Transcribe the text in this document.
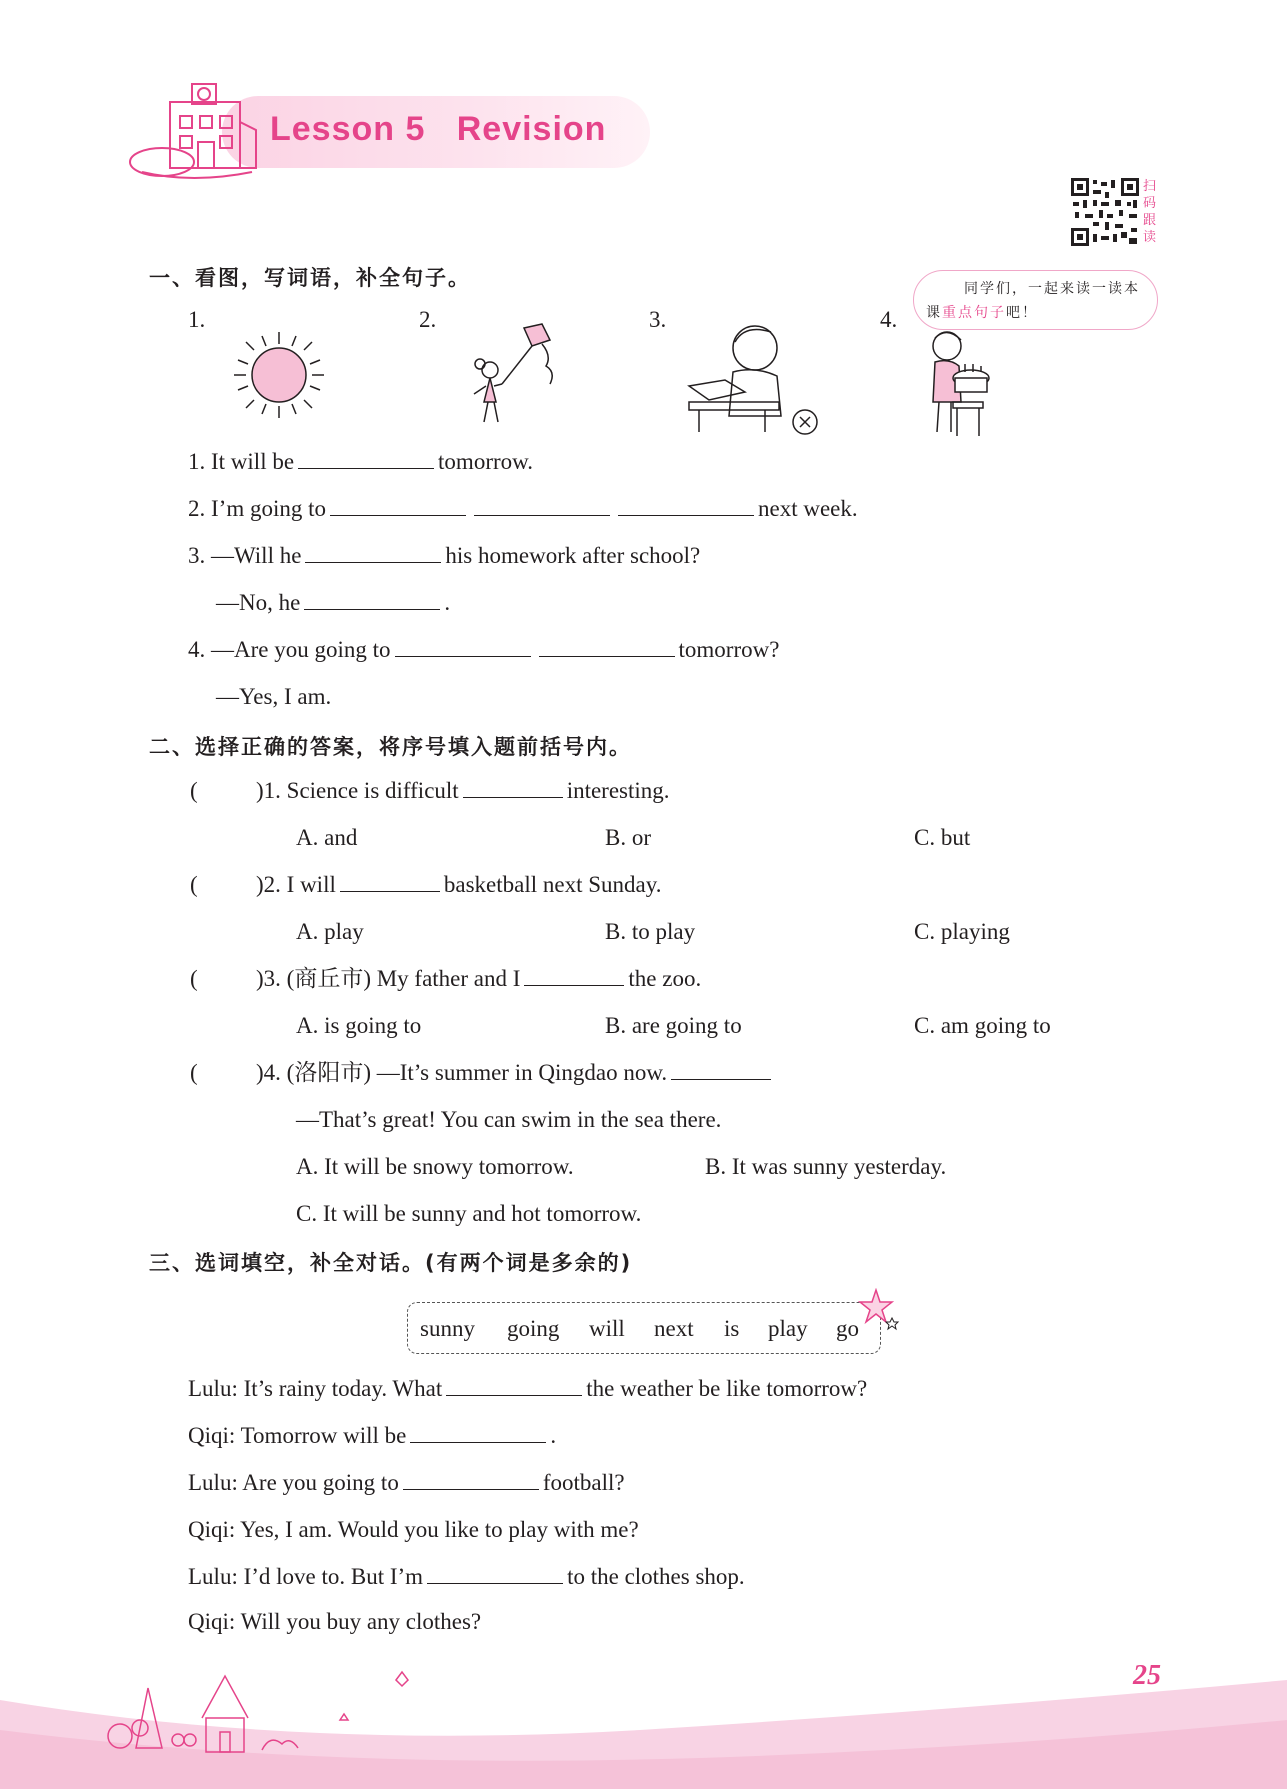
Lesson 5   Revision
扫
码
跟
读
同学们，一起来读一读本
课重点句子吧！
一、看图，写词语，补全句子。
1.	2.	3.	4.
1. It will be	tomorrow.
2. I’m going to	next week.
3. —Will he	his homework after school?
—No, he	.
4. —Are you going to	tomorrow?
—Yes, I am.
二、选择正确的答案，将序号填入题前括号内。
(	)1. Science is difficult	interesting.
A. and	B. or	C. but
(	)2. I will	basketball next Sunday.
A. play	B. to play	C. playing
(	)3. (商丘市) My father and I	the zoo.
A. is going to	B. are going to	C. am going to
(	)4. (洛阳市) —It’s summer in Qingdao now.
—That’s great! You can swim in the sea there.
A. It will be snowy tomorrow.	B. It was sunny yesterday.
C. It will be sunny and hot tomorrow.
三、选词填空，补全对话。(有两个词是多余的)
sunny going will next is play go
Lulu: It’s rainy today. What	the weather be like tomorrow?
Qiqi: Tomorrow will be	.
Lulu: Are you going to	football?
Qiqi: Yes, I am. Would you like to play with me?
Lulu: I’d love to. But I’m	to the clothes shop.
Qiqi: Will you buy any clothes?
25
